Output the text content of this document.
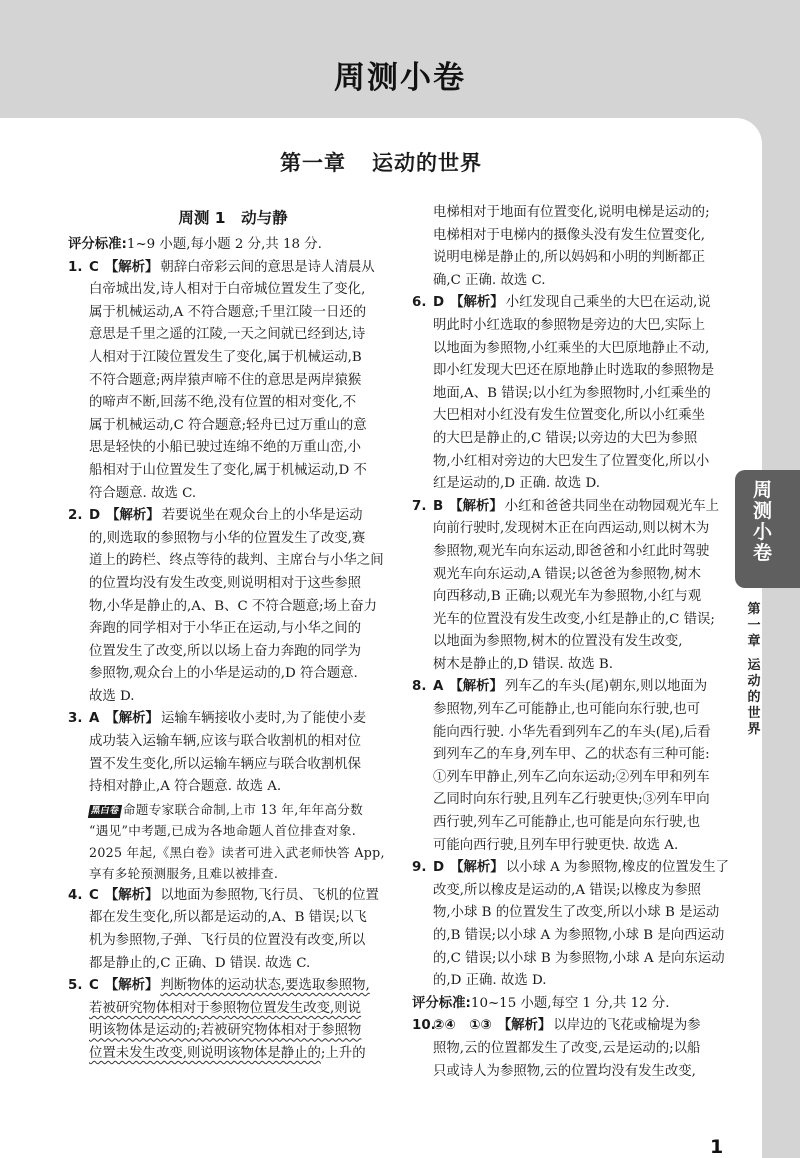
周测小卷
第一章 运动的世界
周测 1　动与静

评分标准:1~9 小题,每小题 2 分,共 18 分.

1. C 【解析】 朝辞白帝彩云间的意思是诗人清晨从

白帝城出发,诗人相对于白帝城位置发生了变化,

属于机械运动,A 不符合题意;千里江陵一日还的

意思是千里之遥的江陵,一天之间就已经到达,诗

人相对于江陵位置发生了变化,属于机械运动,B

不符合题意;两岸猿声啼不住的意思是两岸猿猴

的啼声不断,回荡不绝,没有位置的相对变化,不

属于机械运动,C 符合题意;轻舟已过万重山的意

思是轻快的小船已驶过连绵不绝的万重山峦,小

船相对于山位置发生了变化,属于机械运动,D 不

符合题意. 故选 C.

2. D 【解析】 若要说坐在观众台上的小华是运动

的,则选取的参照物与小华的位置发生了改变,赛

道上的跨栏、终点等待的裁判、主席台与小华之间

的位置均没有发生改变,则说明相对于这些参照

物,小华是静止的,A、B、C 不符合题意;场上奋力

奔跑的同学相对于小华正在运动,与小华之间的

位置发生了改变,所以以场上奋力奔跑的同学为

参照物,观众台上的小华是运动的,D 符合题意.

故选 D.

3. A 【解析】 运输车辆接收小麦时,为了能使小麦

成功装入运输车辆,应该与联合收割机的相对位

置不发生变化,所以运输车辆应与联合收割机保

持相对静止,A 符合题意. 故选 A.

黑白卷 命题专家联合命制,上市 13 年,年年高分数

“遇见”中考题,已成为各地命题人首位排查对象.

2025 年起,《黑白卷》读者可进入武老师快答 App,

享有多轮预测服务,且难以被排查.

4. C 【解析】 以地面为参照物,飞行员、飞机的位置

都在发生变化,所以都是运动的,A、B 错误;以飞

机为参照物,子弹、飞行员的位置没有改变,所以

都是静止的,C 正确、D 错误. 故选 C.

5. C 【解析】 判断物体的运动状态,要选取参照物,

若被研究物体相对于参照物位置发生改变,则说

明该物体是运动的;若被研究物体相对于参照物

位置未发生改变,则说明该物体是静止的;上升的

电梯相对于地面有位置变化,说明电梯是运动的;

电梯相对于电梯内的摄像头没有发生位置变化,

说明电梯是静止的,所以妈妈和小明的判断都正

确,C 正确. 故选 C.

6. D 【解析】 小红发现自己乘坐的大巴在运动,说

明此时小红选取的参照物是旁边的大巴,实际上

以地面为参照物,小红乘坐的大巴原地静止不动,

即小红发现大巴还在原地静止时选取的参照物是

地面,A、B 错误;以小红为参照物时,小红乘坐的

大巴相对小红没有发生位置变化,所以小红乘坐

的大巴是静止的,C 错误;以旁边的大巴为参照

物,小红相对旁边的大巴发生了位置变化,所以小

红是运动的,D 正确. 故选 D.

7. B 【解析】 小红和爸爸共同坐在动物园观光车上

向前行驶时,发现树木正在向西运动,则以树木为

参照物,观光车向东运动,即爸爸和小红此时驾驶

观光车向东运动,A 错误;以爸爸为参照物,树木

向西移动,B 正确;以观光车为参照物,小红与观

光车的位置没有发生改变,小红是静止的,C 错误;

以地面为参照物,树木的位置没有发生改变,

树木是静止的,D 错误. 故选 B.

8. A 【解析】 列车乙的车头(尾)朝东,则以地面为

参照物,列车乙可能静止,也可能向东行驶,也可

能向西行驶. 小华先看到列车乙的车头(尾),后看

到列车乙的车身,列车甲、乙的状态有三种可能:

①列车甲静止,列车乙向东运动;②列车甲和列车

乙同时向东行驶,且列车乙行驶更快;③列车甲向

西行驶,列车乙可能静止,也可能是向东行驶,也

可能向西行驶,且列车甲行驶更快. 故选 A.

9. D 【解析】 以小球 A 为参照物,橡皮的位置发生了

改变,所以橡皮是运动的,A 错误;以橡皮为参照

物,小球 B 的位置发生了改变,所以小球 B 是运动

的,B 错误;以小球 A 为参照物,小球 B 是向西运动

的,C 错误;以小球 B 为参照物,小球 A 是向东运动

的,D 正确. 故选 D.

评分标准:10~15 小题,每空 1 分,共 12 分.

10.②④　①③ 【解析】 以岸边的飞花或榆堤为参

照物,云的位置都发生了改变,云是运动的;以船

只或诗人为参照物,云的位置均没有发生改变,

1
周
测
小
卷
第
一
章
运
动
的
世
界
